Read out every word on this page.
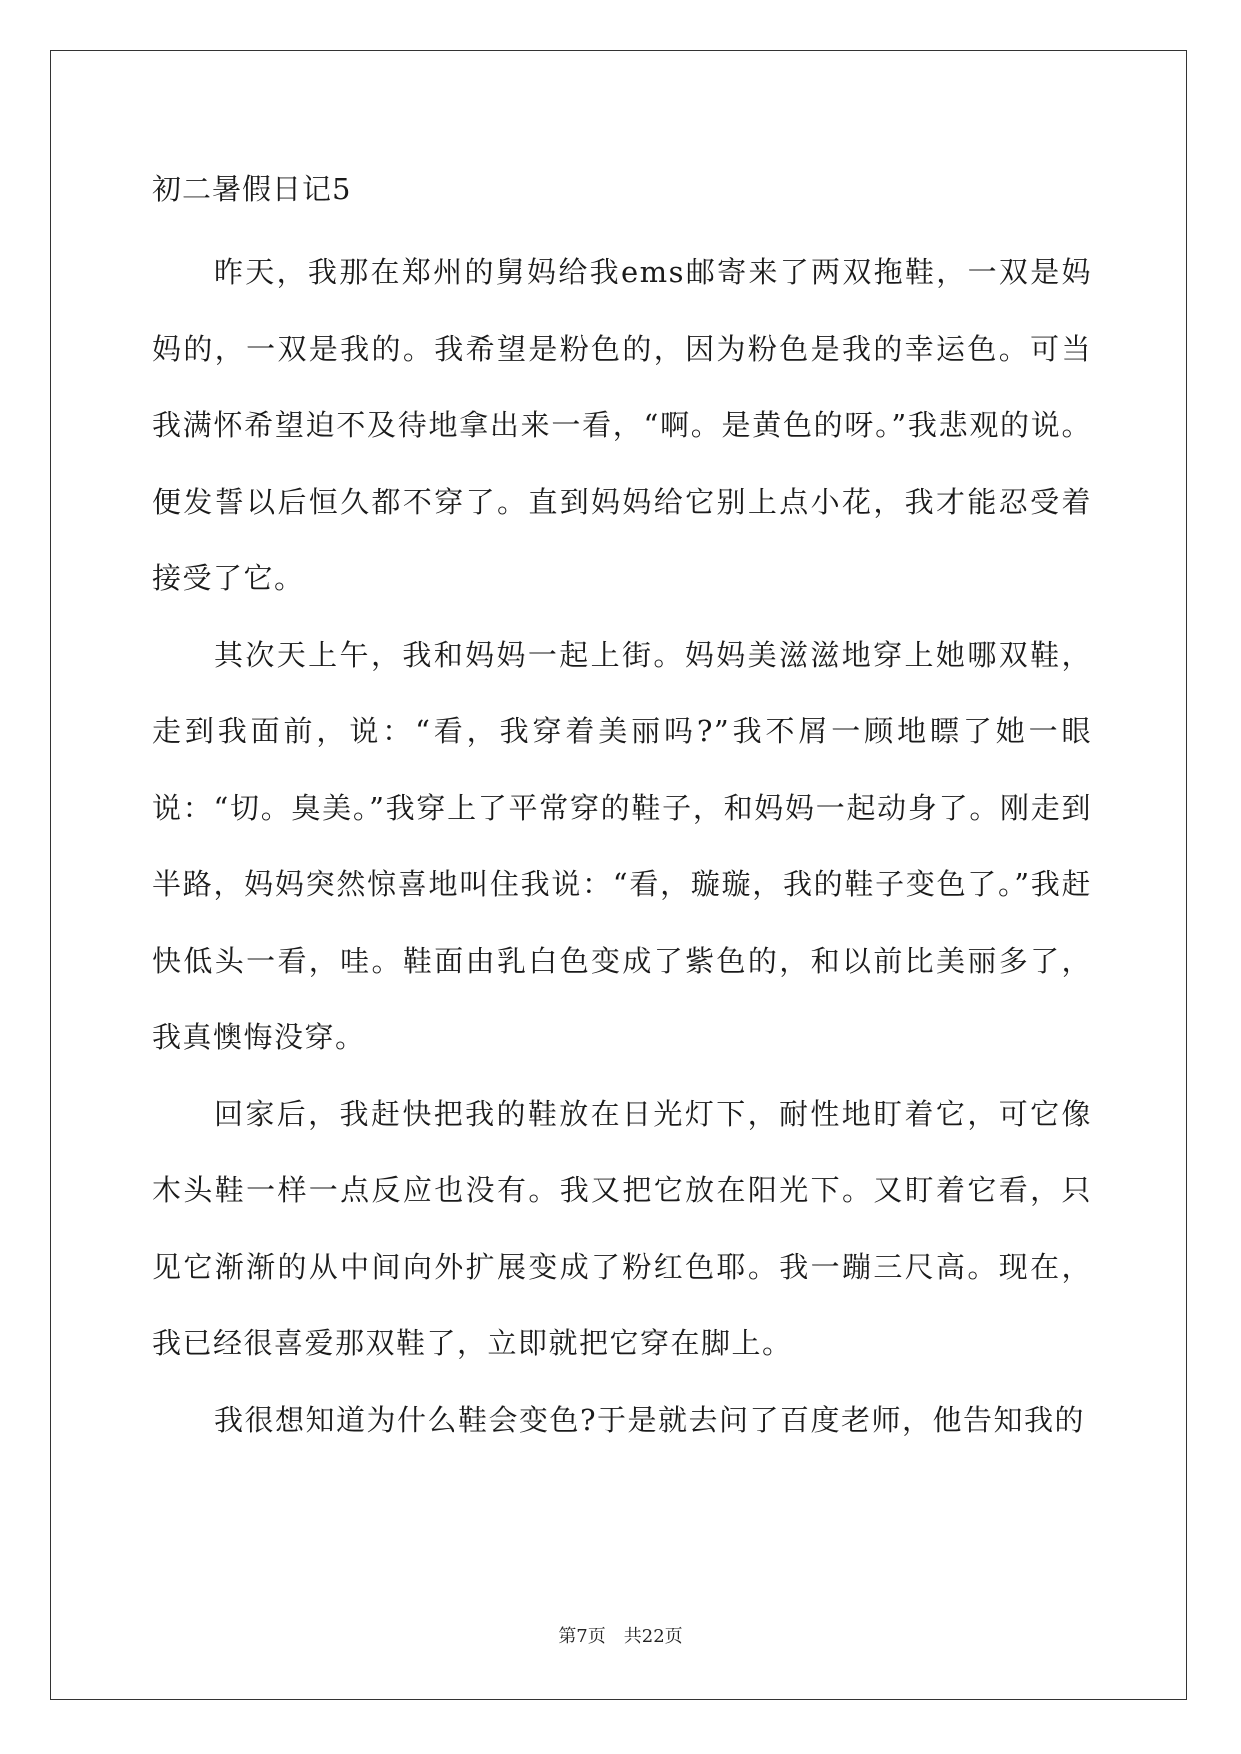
初二暑假日记5

昨天，我那在郑州的舅妈给我ems邮寄来了两双拖鞋，一双是妈妈的，一双是我的。我希望是粉色的，因为粉色是我的幸运色。可当我满怀希望迫不及待地拿出来一看，“啊。是黄色的呀。”我悲观的说。便发誓以后恒久都不穿了。直到妈妈给它别上点小花，我才能忍受着接受了它。

其次天上午，我和妈妈一起上街。妈妈美滋滋地穿上她哪双鞋，走到我面前，说：“看，我穿着美丽吗?”我不屑一顾地瞟了她一眼说：“切。臭美。”我穿上了平常穿的鞋子，和妈妈一起动身了。刚走到半路，妈妈突然惊喜地叫住我说：“看，璇璇，我的鞋子变色了。”我赶快低头一看，哇。鞋面由乳白色变成了紫色的，和以前比美丽多了，我真懊悔没穿。

回家后，我赶快把我的鞋放在日光灯下，耐性地盯着它，可它像木头鞋一样一点反应也没有。我又把它放在阳光下。又盯着它看，只见它渐渐的从中间向外扩展变成了粉红色耶。我一蹦三尺高。现在，我已经很喜爱那双鞋了，立即就把它穿在脚上。

我很想知道为什么鞋会变色?于是就去问了百度老师，他告知我的

第7页　共22页
